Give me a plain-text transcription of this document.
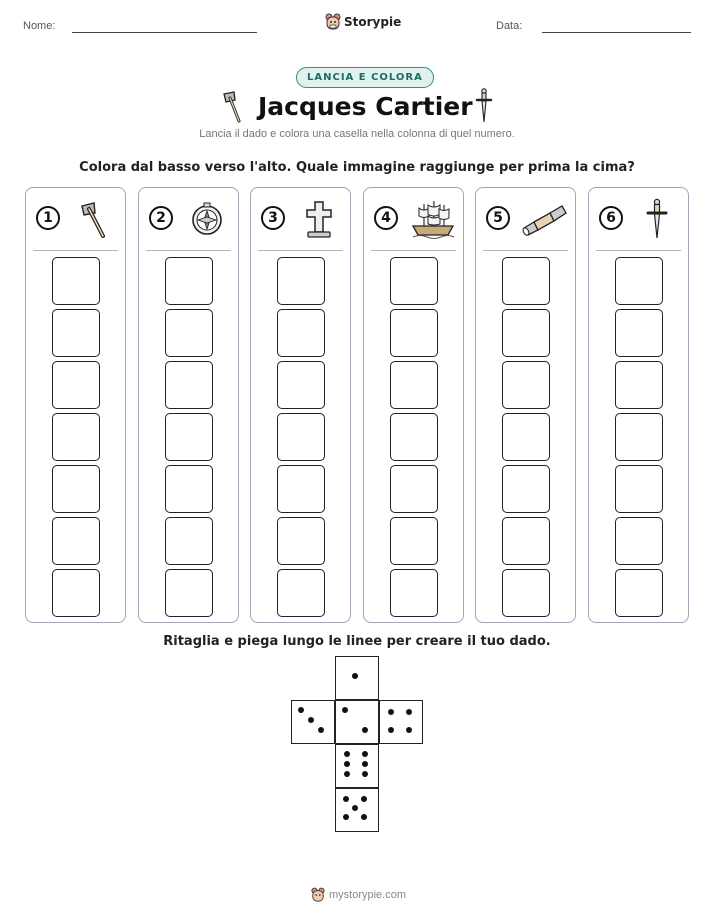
Nome:	Storypie	Data:
LANCIA E COLORA
Jacques Cartier
Lancia il dado e colora una casella nella colonna di quel numero.
Colora dal basso verso l'alto. Quale immagine raggiunge per prima la cima?
1	2	3	4	5	6
Ritaglia e piega lungo le linee per creare il tuo dado.
mystorypie.com
